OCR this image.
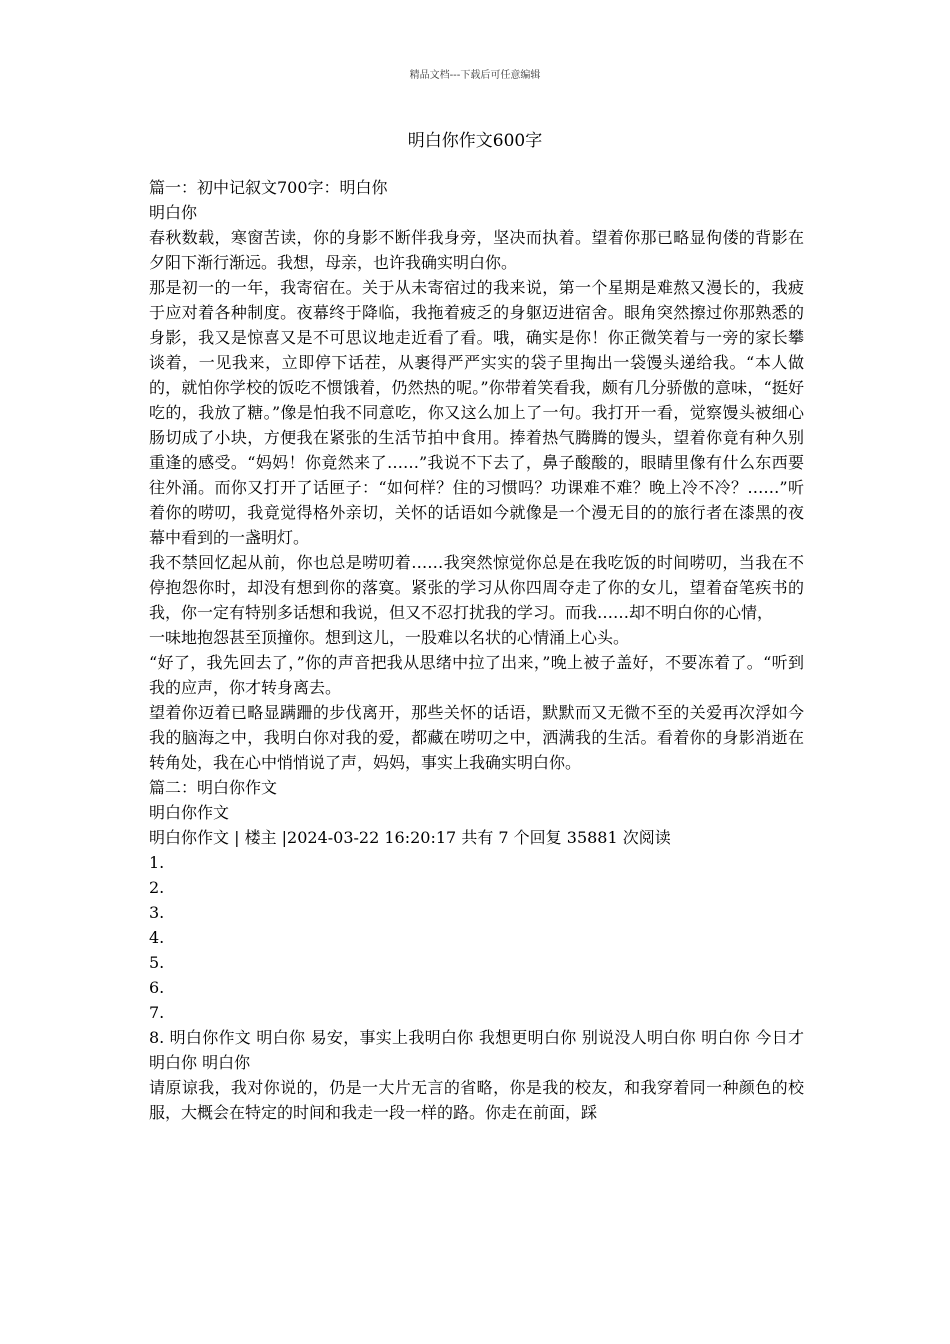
精品文档---下载后可任意编辑
明白你作文600字

篇一：初中记叙文700字：明白你

明白你

春秋数载，寒窗苦读，你的身影不断伴我身旁，坚决而执着。望着你那已略显佝偻的背影在夕阳下渐行渐远。我想，母亲，也许我确实明白你。

那是初一的一年，我寄宿在。关于从未寄宿过的我来说，第一个星期是难熬又漫长的，我疲于应对着各种制度。夜幕终于降临，我拖着疲乏的身躯迈进宿舍。眼角突然擦过你那熟悉的身影，我又是惊喜又是不可思议地走近看了看。哦，确实是你！你正微笑着与一旁的家长攀谈着，一见我来，立即停下话茬，从裹得严严实实的袋子里掏出一袋馒头递给我。“本人做的，就怕你学校的饭吃不惯饿着，仍然热的呢。”你带着笑看我，颇有几分骄傲的意味，“挺好吃的，我放了糖。”像是怕我不同意吃，你又这么加上了一句。我打开一看，觉察馒头被细心肠切成了小块，方便我在紧张的生活节拍中食用。捧着热气腾腾的馒头，望着你竟有种久别重逢的感受。“妈妈！你竟然来了……”我说不下去了，鼻子酸酸的，眼睛里像有什么东西要往外涌。而你又打开了话匣子：“如何样？住的习惯吗？功课难不难？晚上冷不冷？……”听着你的唠叨，我竟觉得格外亲切，关怀的话语如今就像是一个漫无目的的旅行者在漆黑的夜幕中看到的一盏明灯。

我不禁回忆起从前，你也总是唠叨着……我突然惊觉你总是在我吃饭的时间唠叨，当我在不停抱怨你时，却没有想到你的落寞。紧张的学习从你四周夺走了你的女儿，望着奋笔疾书的我，你一定有特别多话想和我说，但又不忍打扰我的学习。而我……却不明白你的心情，

一味地抱怨甚至顶撞你。想到这儿，一股难以名状的心情涌上心头。

“好了，我先回去了，”你的声音把我从思绪中拉了出来，”晚上被子盖好，不要冻着了。“听到我的应声，你才转身离去。

望着你迈着已略显蹒跚的步伐离开，那些关怀的话语，默默而又无微不至的关爱再次浮如今我的脑海之中，我明白你对我的爱，都藏在唠叨之中，洒满我的生活。看着你的身影消逝在转角处，我在心中悄悄说了声，妈妈，事实上我确实明白你。

篇二：明白你作文

明白你作文

明白你作文 | 楼主 |2024-03-22 16:20:17 共有 7 个回复 35881 次阅读

1.

2.

3.

4.

5.

6.

7.

8. 明白你作文 明白你 易安，事实上我明白你 我想更明白你 别说没人明白你 明白你 今日才明白你 明白你

请原谅我，我对你说的，仍是一大片无言的省略，你是我的校友，和我穿着同一种颜色的校服，大概会在特定的时间和我走一段一样的路。你走在前面，踩
